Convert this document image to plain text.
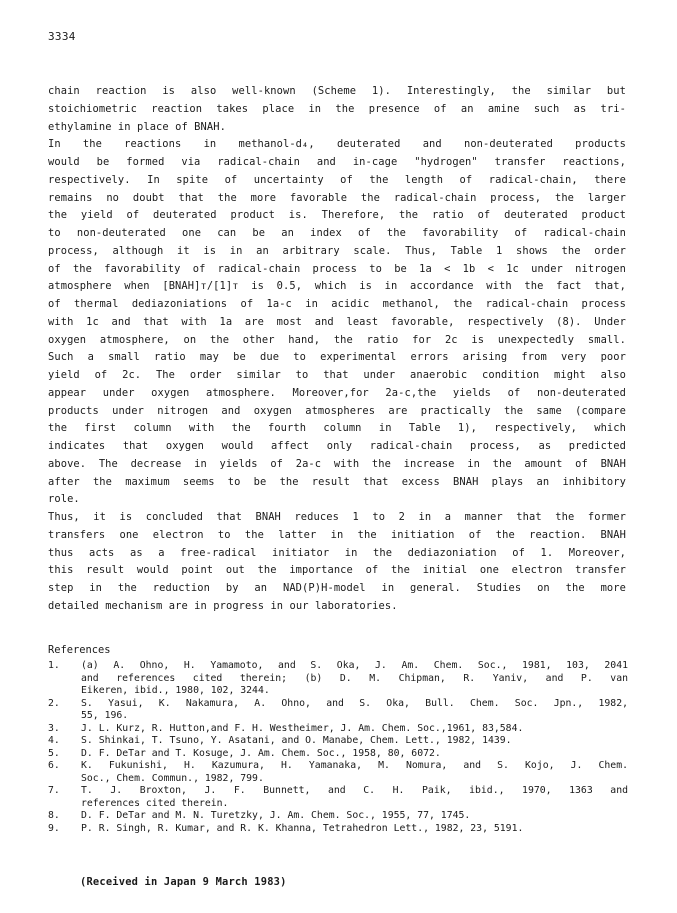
3334
chain reaction is also well-known (Scheme 1). Interestingly, the similar but
stoichiometric reaction takes place in the presence of an amine such as tri-
ethylamine in place of BNAH.
In the reactions in methanol-d₄, deuterated and non-deuterated products
would be formed via radical-chain and in-cage "hydrogen" transfer reactions,
respectively. In spite of uncertainty of the length of radical-chain, there
remains no doubt that the more favorable the radical-chain process, the larger
the yield of deuterated product is. Therefore, the ratio of deuterated product
to non-deuterated one can be an index of the favorability of radical-chain
process, although it is in an arbitrary scale. Thus, Table 1 shows the order
of the favorability of radical-chain process to be 1a < 1b < 1c under nitrogen
atmosphere when [BNAH]ᴛ/[1]ᴛ is 0.5, which is in accordance with the fact that,
of thermal dediazoniations of 1a-c in acidic methanol, the radical-chain process
with 1c and that with 1a are most and least favorable, respectively (8). Under
oxygen atmosphere, on the other hand, the ratio for 2c is unexpectedly small.
Such a small ratio may be due to experimental errors arising from very poor
yield of 2c. The order similar to that under anaerobic condition might also
appear under oxygen atmosphere. Moreover,for 2a-c,the yields of non-deuterated
products under nitrogen and oxygen atmospheres are practically the same (compare
the first column with the fourth column in Table 1), respectively, which
indicates that oxygen would affect only radical-chain process, as predicted
above. The decrease in yields of 2a-c with the increase in the amount of BNAH
after the maximum seems to be the result that excess BNAH plays an inhibitory
role.
Thus, it is concluded that BNAH reduces 1 to 2 in a manner that the former
transfers one electron to the latter in the initiation of the reaction. BNAH
thus acts as a free-radical initiator in the dediazoniation of 1. Moreover,
this result would point out the importance of the initial one electron transfer
step in the reduction by an NAD(P)H-model in general. Studies on the more
detailed mechanism are in progress in our laboratories.
References
1.	(a) A. Ohno, H. Yamamoto, and S. Oka, J. Am. Chem. Soc., 1981, 103, 2041
and references cited therein; (b) D. M. Chipman, R. Yaniv, and P. van
Eikeren, ibid., 1980, 102, 3244.
2.	S. Yasui, K. Nakamura, A. Ohno, and S. Oka, Bull. Chem. Soc. Jpn., 1982,
55, 196.
3.	J. L. Kurz, R. Hutton,and F. H. Westheimer, J. Am. Chem. Soc.,1961, 83,584.
4.	S. Shinkai, T. Tsuno, Y. Asatani, and O. Manabe, Chem. Lett., 1982, 1439.
5.	D. F. DeTar and T. Kosuge, J. Am. Chem. Soc., 1958, 80, 6072.
6.	K. Fukunishi, H. Kazumura, H. Yamanaka, M. Nomura, and S. Kojo, J. Chem.
Soc., Chem. Commun., 1982, 799.
7.	T. J. Broxton, J. F. Bunnett, and C. H. Paik, ibid., 1970, 1363 and
references cited therein.
8.	D. F. DeTar and M. N. Turetzky, J. Am. Chem. Soc., 1955, 77, 1745.
9.	P. R. Singh, R. Kumar, and R. K. Khanna, Tetrahedron Lett., 1982, 23, 5191.
(Received in Japan 9 March 1983)
